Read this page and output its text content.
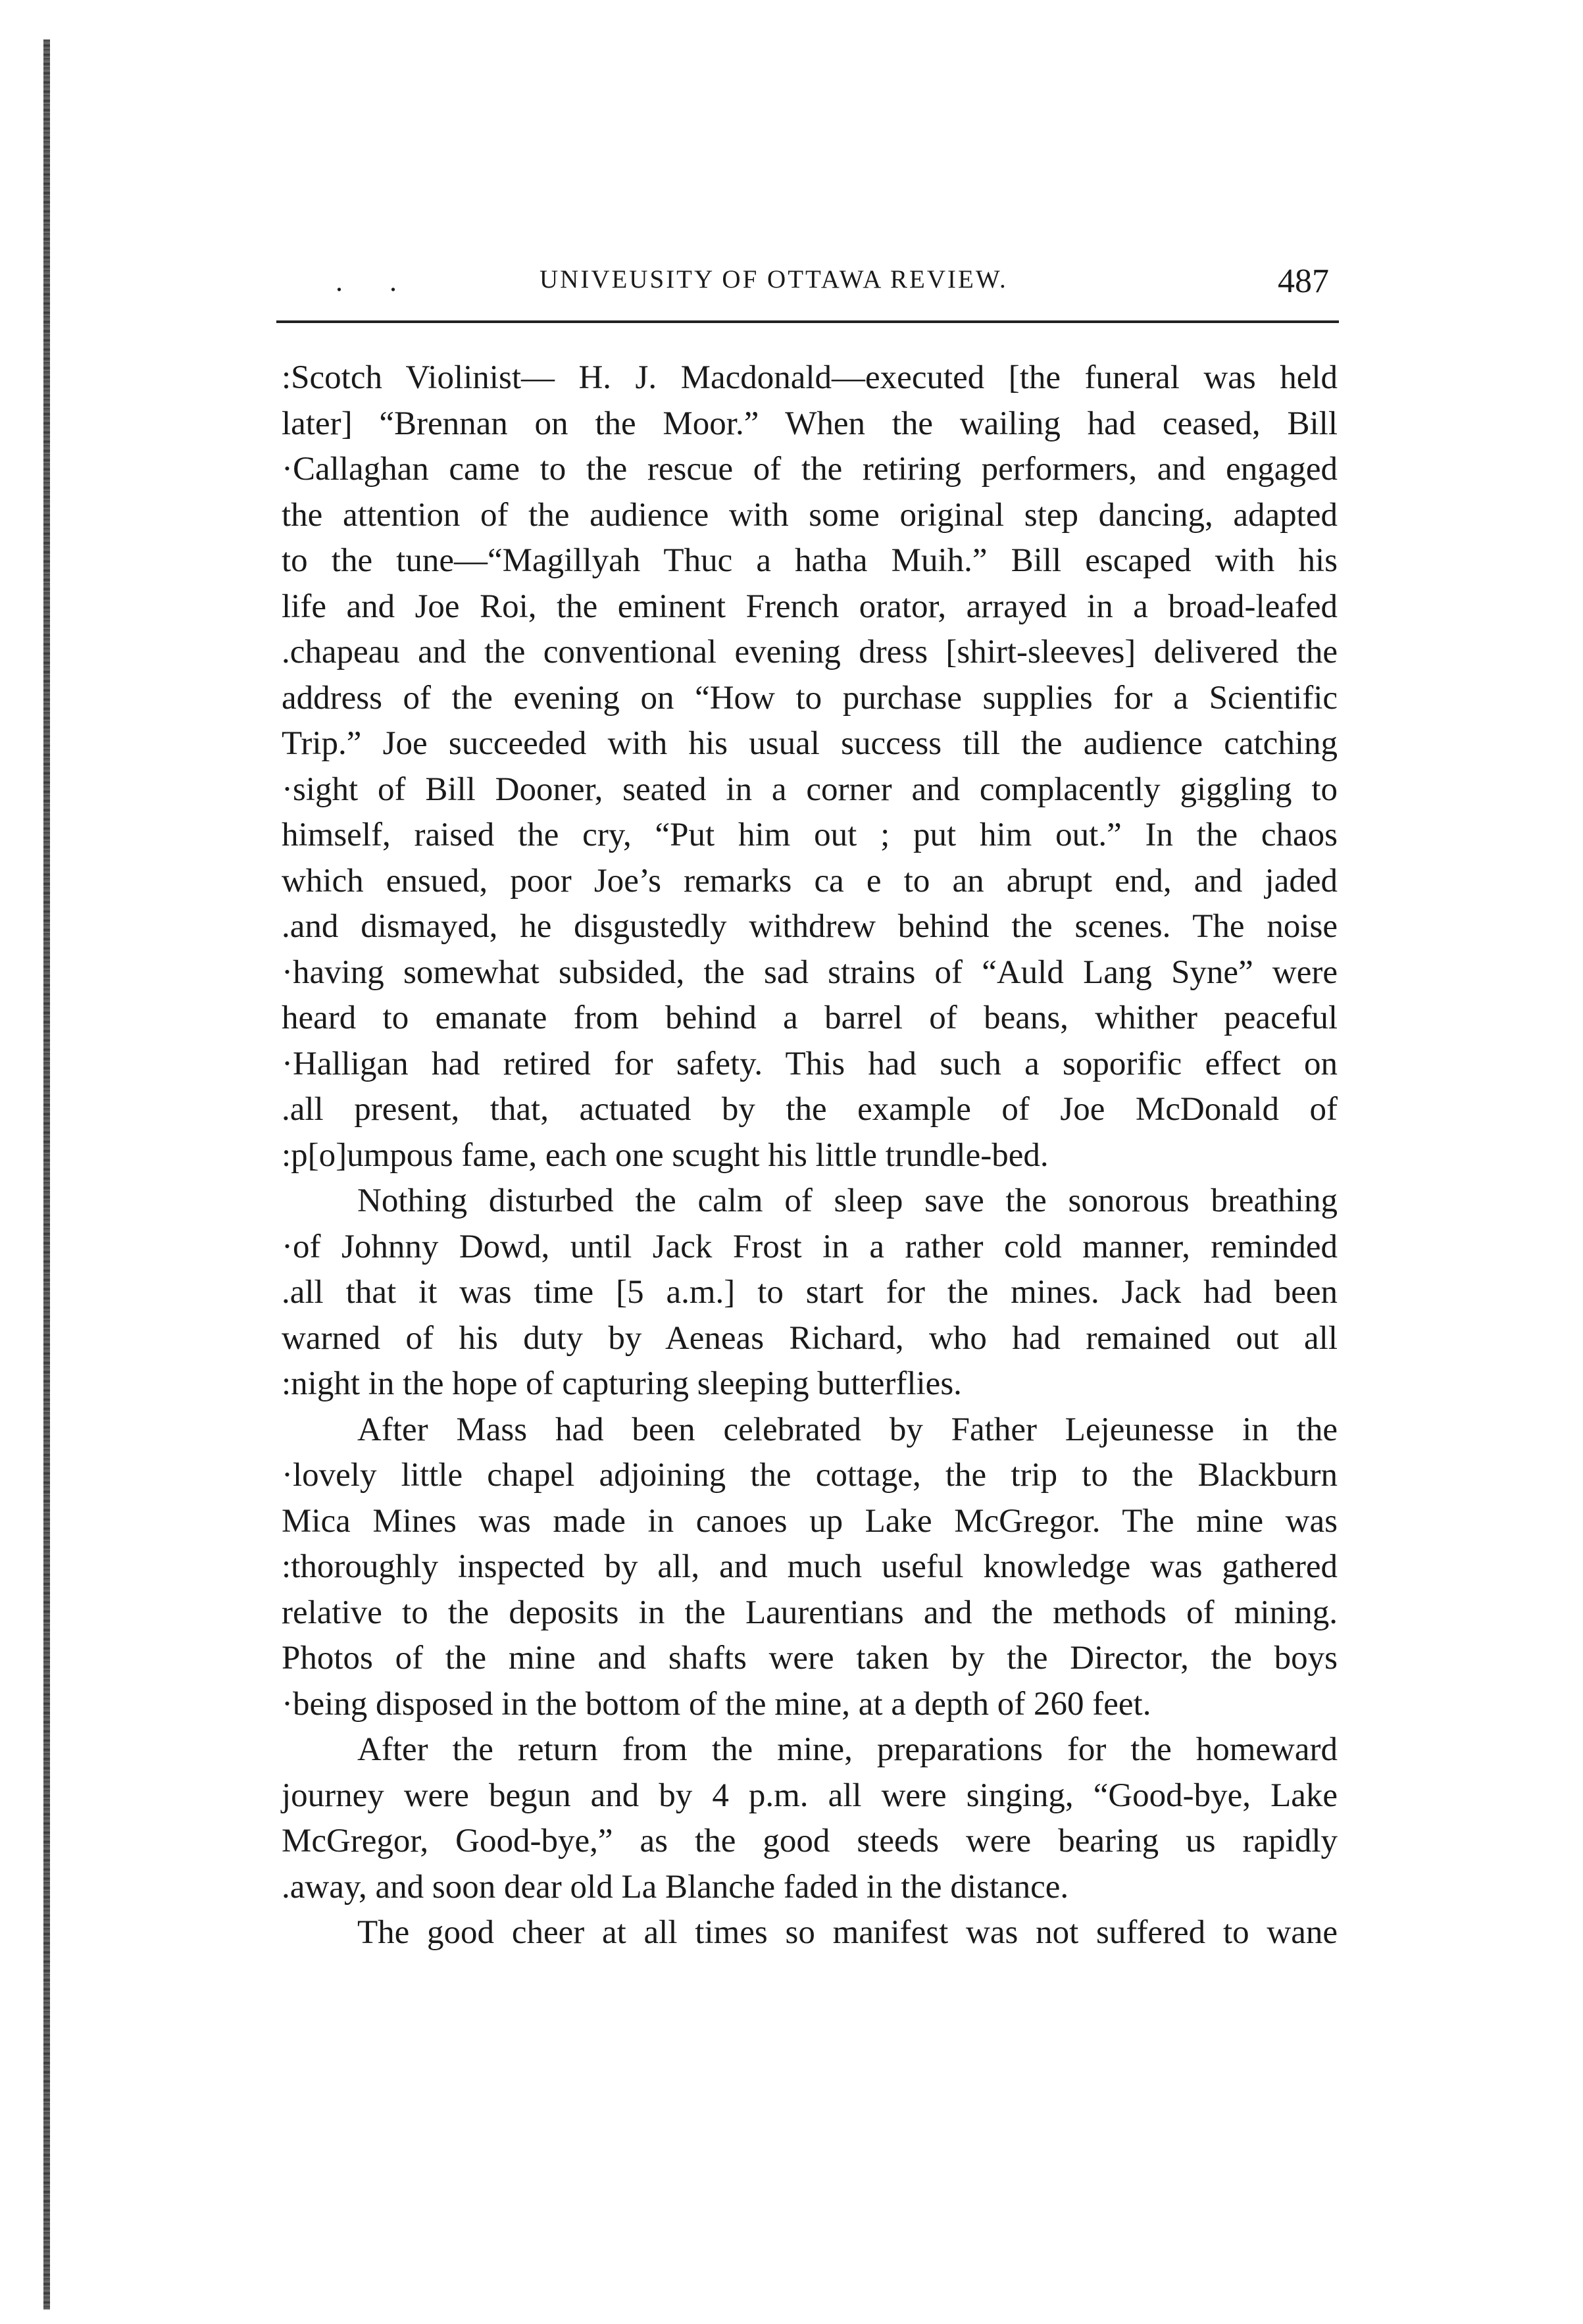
. .	UNIVEUSITY OF OTTAWA REVIEW.	487
:Scotch Violinist— H. J. Macdonald—executed [the funeral was held
later] “Brennan on the Moor.” When the wailing had ceased, Bill
·Callaghan came to the rescue of the retiring performers, and engaged
the attention of the audience with some original step dancing, adapted
to the tune—“Magillyah Thuc a hatha Muih.” Bill escaped with his
life and Joe Roi, the eminent French orator, arrayed in a broad-leafed
.chapeau and the conventional evening dress [shirt-sleeves] delivered the
address of the evening on “How to purchase supplies for a Scientific
Trip.” Joe succeeded with his usual success till the audience catching
·sight of Bill Dooner, seated in a corner and complacently giggling to
himself, raised the cry, “Put him out ; put him out.” In the chaos
which ensued, poor Joe’s remarks ca e to an abrupt end, and jaded
.and dismayed, he disgustedly withdrew behind the scenes. The noise
·having somewhat subsided, the sad strains of “Auld Lang Syne” were
heard to emanate from behind a barrel of beans, whither peaceful
·Halligan had retired for safety. This had such a soporific effect on
.all present, that, actuated by the example of Joe McDonald of
:p[o]umpous fame, each one scught his little trundle-bed.
Nothing disturbed the calm of sleep save the sonorous breathing
·of Johnny Dowd, until Jack Frost in a rather cold manner, reminded
.all that it was time [5 a.m.] to start for the mines. Jack had been
warned of his duty by Aeneas Richard, who had remained out all
:night in the hope of capturing sleeping butterflies.
After Mass had been celebrated by Father Lejeunesse in the
·lovely little chapel adjoining the cottage, the trip to the Blackburn
Mica Mines was made in canoes up Lake McGregor. The mine was
:thoroughly inspected by all, and much useful knowledge was gathered
relative to the deposits in the Laurentians and the methods of mining.
Photos of the mine and shafts were taken by the Director, the boys
·being disposed in the bottom of the mine, at a depth of 260 feet.
After the return from the mine, preparations for the homeward
journey were begun and by 4 p.m. all were singing, “Good-bye, Lake
McGregor, Good-bye,” as the good steeds were bearing us rapidly
.away, and soon dear old La Blanche faded in the distance.
The good cheer at all times so manifest was not suffered to wane
